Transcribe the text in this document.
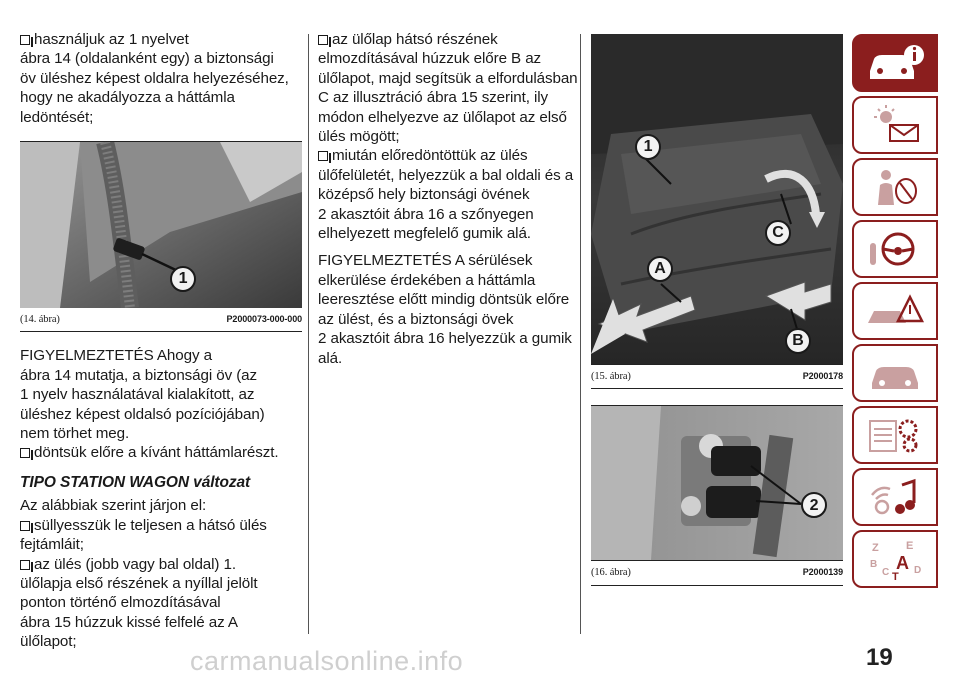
használjuk az 1 nyelvet
ábra 14 (oldalanként egy) a biztonsági
öv üléshez képest oldalra helyezéséhez,
hogy ne akadályozza a háttámla
ledöntését;
1
(14. ábra)	P2000073-000-000
FIGYELMEZTETÉS Ahogy a
ábra 14 mutatja, a biztonsági öv (az
1 nyelv használatával kialakított, az
üléshez képest oldalsó pozíciójában)
nem törhet meg.
döntsük előre a kívánt háttámlarészt.
TIPO STATION WAGON változat
Az alábbiak szerint járjon el:
süllyesszük le teljesen a hátsó ülés
fejtámláit;
az ülés (jobb vagy bal oldal) 1.
ülőlapja első részének a nyíllal jelölt
ponton történő elmozdításával
ábra 15 húzzuk kissé felfelé az A
ülőlapot;
az ülőlap hátsó részének
elmozdításával húzzuk előre B az
ülőlapot, majd segítsük a elfordulásban
C az illusztráció ábra 15 szerint, ily
módon elhelyezve az ülőlapot az első
ülés mögött;
miután előredöntöttük az ülés
ülőfelületét, helyezzük a bal oldali és a
középső hely biztonsági övének
2 akasztóit ábra 16 a szőnyegen
elhelyezett megfelelő gumik alá.
FIGYELMEZTETÉS A sérülések
elkerülése érdekében a háttámla
leeresztése előtt mindig döntsük előre
az ülést, és a biztonsági övek
2 akasztóit ábra 16 helyezzük a gumik
alá.
1
C
A
B
(15. ábra)	P2000178
2
(16. ábra)	P2000139
Z E
B A
C T
D
19
carmanualsonline.info
